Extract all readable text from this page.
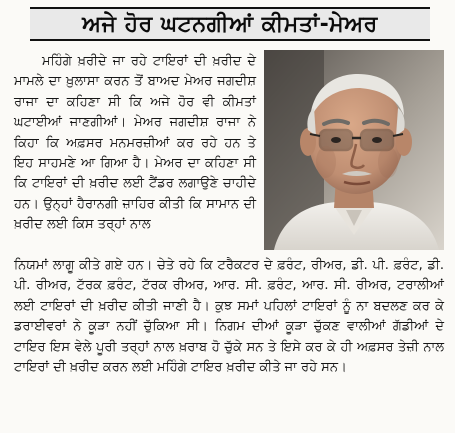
ਅਜੇ ਹੋਰ ਘਟਨਗੀਆਂ ਕੀਮਤਾਂ-ਮੇਅਰ
ਮਹਿੰਗੇ ਖ਼ਰੀਦੇ ਜਾ ਰਹੇ ਟਾਇਰਾਂ ਦੀ ਖ਼ਰੀਦ ਦੇ ਮਾਮਲੇ ਦਾ ਖ਼ੁਲਾਸਾ ਕਰਨ ਤੋਂ ਬਾਅਦ ਮੇਅਰ ਜਗਦੀਸ਼ ਰਾਜਾ ਦਾ ਕਹਿਣਾ ਸੀ ਕਿ ਅਜੇ ਹੋਰ ਵੀ ਕੀਮਤਾਂ ਘਟਾਈਆਂ ਜਾਣਗੀਆਂ। ਮੇਅਰ ਜਗਦੀਸ਼ ਰਾਜਾ ਨੇ ਕਿਹਾ ਕਿ ਅਫ਼ਸਰ ਮਨਮਰਜ਼ੀਆਂ ਕਰ ਰਹੇ ਹਨ ਤੇ ਇਹ ਸਾਹਮਣੇ ਆ ਗਿਆ ਹੈ। ਮੇਅਰ ਦਾ ਕਹਿਣਾ ਸੀ ਕਿ ਟਾਇਰਾਂ ਦੀ ਖ਼ਰੀਦ ਲਈ ਟੈਂਡਰ ਲਗਾਉਣੇ ਚਾਹੀਦੇ ਹਨ। ਉਨ੍ਹਾਂ ਹੈਰਾਨਗੀ ਜ਼ਾਹਿਰ ਕੀਤੀ ਕਿ ਸਾਮਾਨ ਦੀ ਖ਼ਰੀਦ ਲਈ ਕਿਸ ਤਰ੍ਹਾਂ ਨਾਲ
ਨਿਯਮਾਂ ਲਾਗੂ ਕੀਤੇ ਗਏ ਹਨ। ਚੇਤੇ ਰਹੇ ਕਿ ਟਰੈਕਟਰ ਦੇ ਫ਼ਰੰਟ, ਰੀਅਰ, ਡੀ. ਪੀ. ਫ਼ਰੰਟ, ਡੀ. ਪੀ. ਰੀਅਰ, ਟੱਰਕ ਫ਼ਰੰਟ, ਟੱਰਕ ਰੀਅਰ, ਆਰ. ਸੀ. ਫ਼ਰੰਟ, ਆਰ. ਸੀ. ਰੀਅਰ, ਟਰਾਲੀਆਂ ਲਈ ਟਾਇਰਾਂ ਦੀ ਖ਼ਰੀਦ ਕੀਤੀ ਜਾਣੀ ਹੈ। ਕੁਝ ਸਮਾਂ ਪਹਿਲਾਂ ਟਾਇਰਾਂ ਨੂੰ ਨਾ ਬਦਲਣ ਕਰ ਕੇ ਡਰਾਈਵਰਾਂ ਨੇ ਕੂੜਾ ਨਹੀਂ ਚੁੱਕਿਆ ਸੀ। ਨਿਗਮ ਦੀਆਂ ਕੂੜਾ ਚੁੱਕਣ ਵਾਲੀਆਂ ਗੱਡੀਆਂ ਦੇ ਟਾਇਰ ਇਸ ਵੇਲੇ ਪੂਰੀ ਤਰ੍ਹਾਂ ਨਾਲ ਖ਼ਰਾਬ ਹੋ ਚੁੱਕੇ ਸਨ ਤੇ ਇਸੇ ਕਰ ਕੇ ਹੀ ਅਫ਼ਸਰ ਤੇਜ਼ੀ ਨਾਲ ਟਾਇਰਾਂ ਦੀ ਖ਼ਰੀਦ ਕਰਨ ਲਈ ਮਹਿੰਗੇ ਟਾਇਰ ਖ਼ਰੀਦ ਕੀਤੇ ਜਾ ਰਹੇ ਸਨ।
